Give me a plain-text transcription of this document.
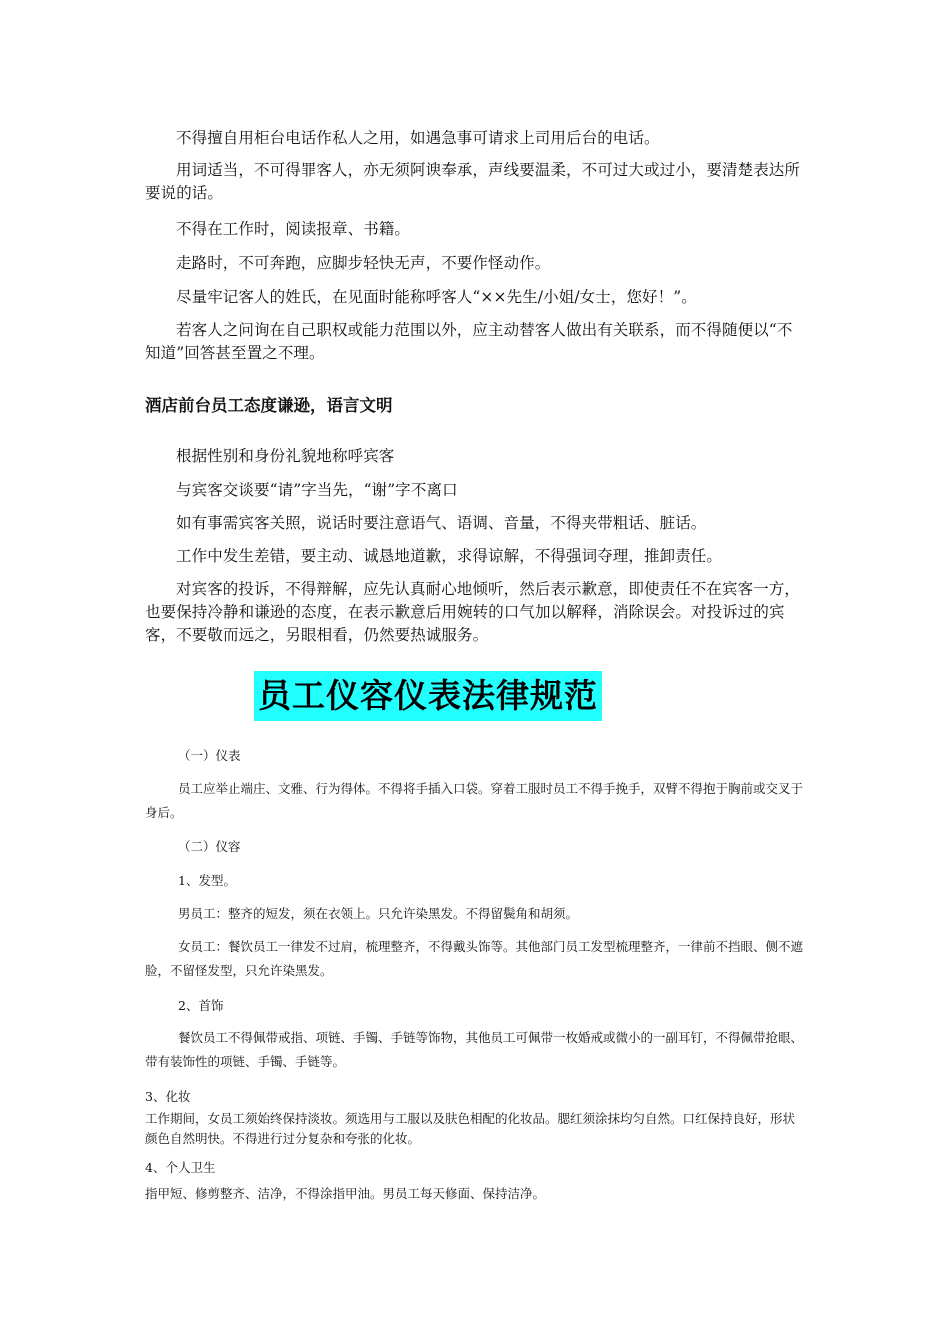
不得擅自用柜台电话作私人之用，如遇急事可请求上司用后台的电话。

用词适当，不可得罪客人，亦无须阿谀奉承，声线要温柔，不可过大或过小，要清楚表达所要说的话。

不得在工作时，阅读报章、书籍。

走路时，不可奔跑，应脚步轻快无声，不要作怪动作。

尽量牢记客人的姓氏，在见面时能称呼客人“××先生/小姐/女士，您好！”。

若客人之问询在自己职权或能力范围以外，应主动替客人做出有关联系，而不得随便以“不知道”回答甚至置之不理。

酒店前台员工态度谦逊，语言文明

根据性别和身份礼貌地称呼宾客

与宾客交谈要“请”字当先，“谢”字不离口

如有事需宾客关照，说话时要注意语气、语调、音量，不得夹带粗话、脏话。

工作中发生差错，要主动、诚恳地道歉，求得谅解，不得强词夺理，推卸责任。

对宾客的投诉，不得辩解，应先认真耐心地倾听，然后表示歉意，即使责任不在宾客一方，也要保持冷静和谦逊的态度，在表示歉意后用婉转的口气加以解释，消除误会。对投诉过的宾客，不要敬而远之，另眼相看，仍然要热诚服务。

员工仪容仪表法律规范

（一）仪表

员工应举止端庄、文雅、行为得体。不得将手插入口袋。穿着工服时员工不得手挽手，双臂不得抱于胸前或交叉于身后。

（二）仪容

1、发型。

男员工：整齐的短发，须在衣领上。只允许染黑发。不得留鬓角和胡须。

女员工：餐饮员工一律发不过肩，梳理整齐，不得戴头饰等。其他部门员工发型梳理整齐，一律前不挡眼、侧不遮脸，不留怪发型，只允许染黑发。

2、首饰

餐饮员工不得佩带戒指、项链、手镯、手链等饰物，其他员工可佩带一枚婚戒或微小的一副耳钉，不得佩带抢眼、带有装饰性的项链、手镯、手链等。

3、化妆

工作期间，女员工须始终保持淡妆。须选用与工服以及肤色相配的化妆品。腮红须涂抹均匀自然。口红保持良好，形状颜色自然明快。不得进行过分复杂和夸张的化妆。

4、个人卫生

指甲短、修剪整齐、洁净，不得涂指甲油。男员工每天修面、保持洁净。
